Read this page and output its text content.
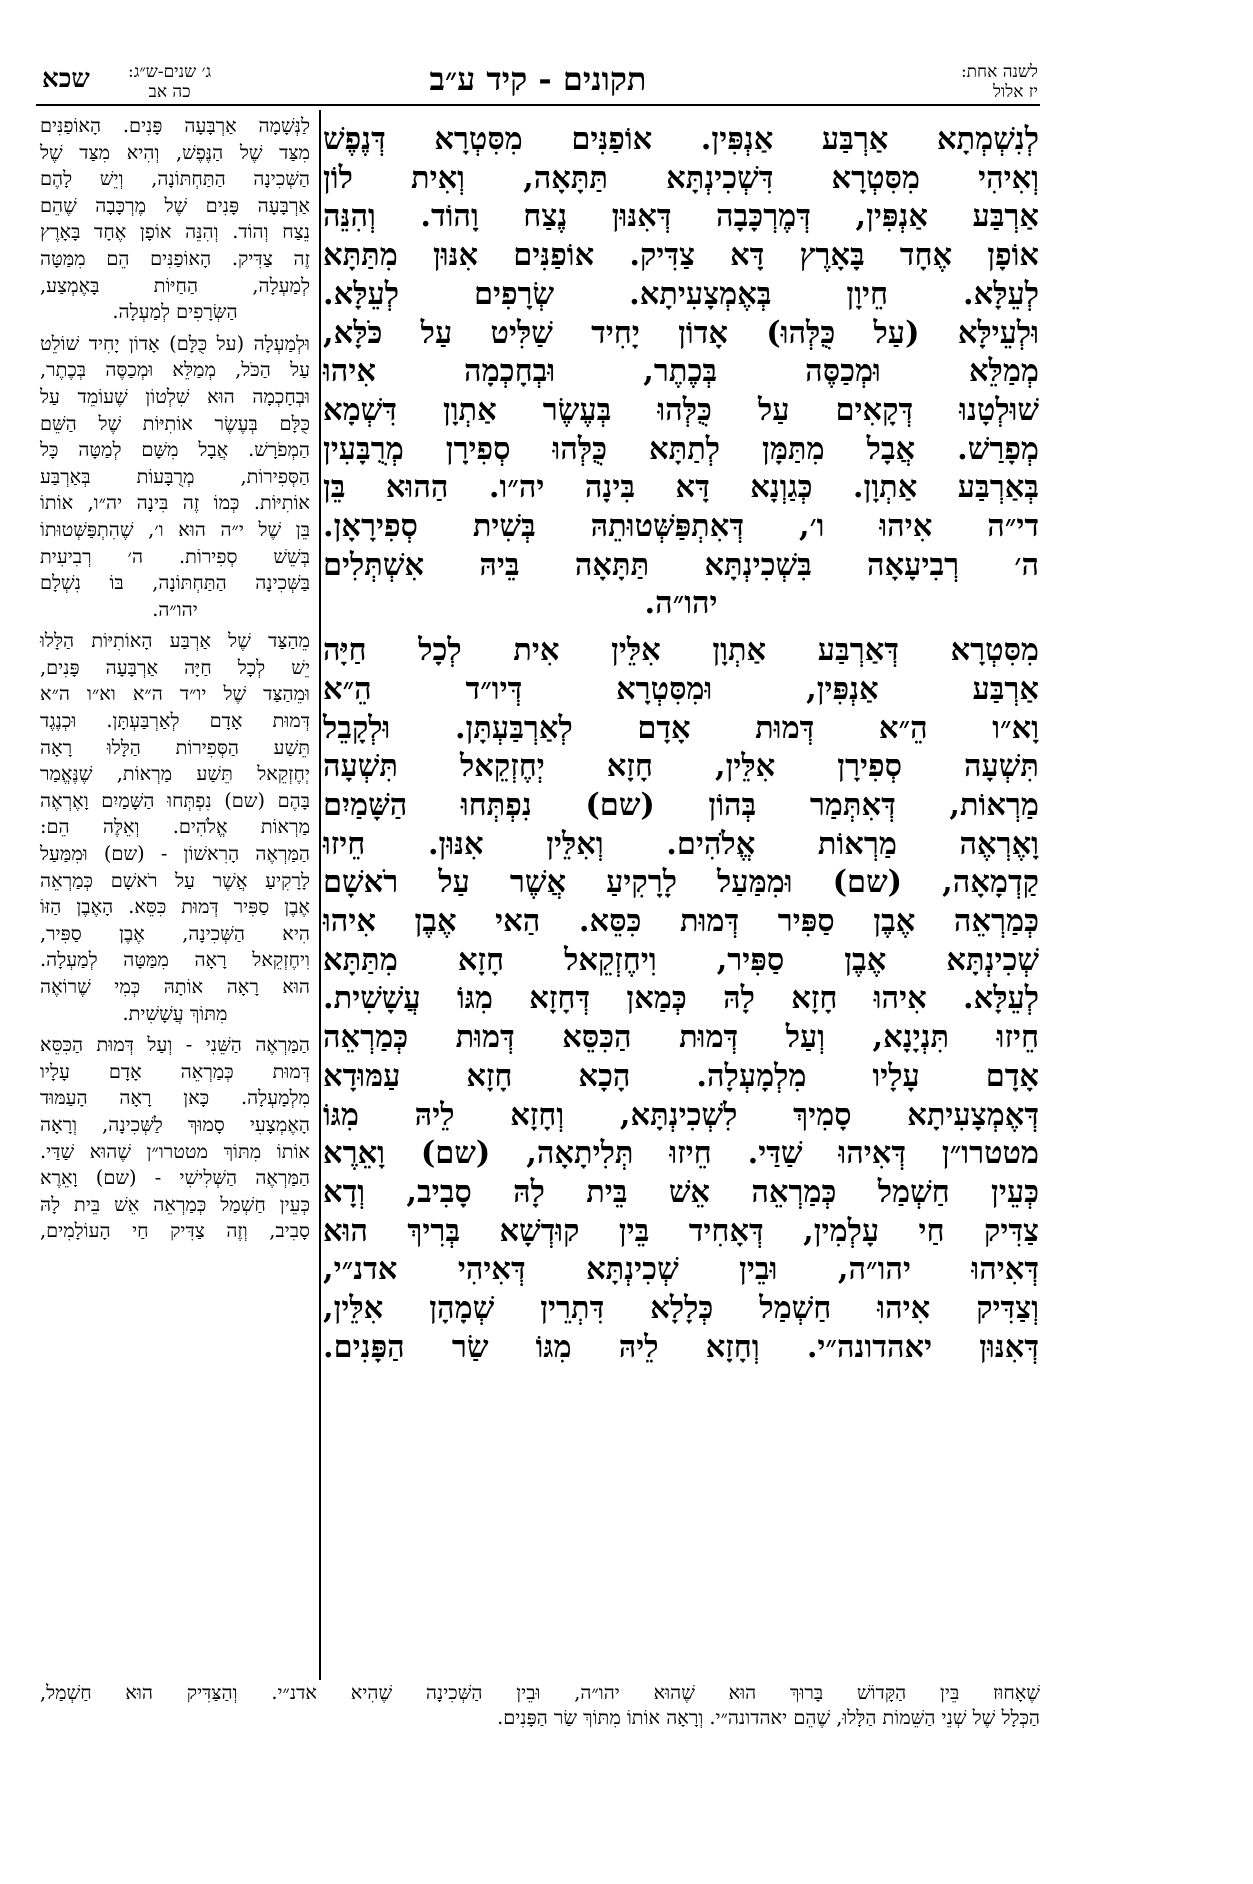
לשנה אחת:
יז אלול
תקונים - קיד ע״ב
ג׳ שנים-ש״ג:
כה אב
שכא

לְנִשְׁמְתָא אַרְבַּע אַנְפִּין. אוֹפַנִּים מִסִּטְרָא דְּנֶפֶשׁ

וְאִיהִי מִסִּטְרָא דִּשְׁכִינְתָּא תַּתָּאָה, וְאִית לוֹן

אַרְבַּע אַנְפִּין, דְּמֶרְכָּבָה דְּאִנּוּן נֶצַח וָהוֹד. וְהִנֵּה

אוֹפָן אֶחָד בָּאָרֶץ דָּא צַדִּיק. אוֹפַנִּים אִנּוּן מִתַּתָּא

לְעֵלָּא. חֵיוָן בְּאֶמְצָעִיתָא. שְׂרָפִים לְעֵלָּא.

וּלְעֵילָּא (עַל כֻּלְּהוּ) אָדוֹן יָחִיד שַׁלִּיט עַל כֹּלָּא,

מְמַלֵּא וּמְכַסֶּה בְּכֶתֶר, וּבְחָכְמָה אִיהוּ

שׁוּלְטָנוּ דְּקָאִים עַל כֻּלְּהוּ בְּעֶשֶׂר אַתְוָן דִּשְׁמָא

מְפָרַשׁ. אֲבָל מִתַּמָּן לְתַתָּא כֻּלְּהוּ סְפִירָן מְרֻבָּעִין

בְּאַרְבַּע אַתְוָן. כְּגַוְנָא דָּא בִּינָה יה״ו. הַהוּא בֵּן

די״ה אִיהוּ ו׳, דְּאִתְפַּשְּׁטוּתֵהּ בְּשִׁית סְפִירָאָן.

ה׳ רְבִיעָאָה בִּשְׁכִינְתָּא תַּתָּאָה בֵּיהּ אִשְׁתְּלִים

יהו״ה.

מִסִּטְרָא דְּאַרְבַּע אַתְוָן אִלֵּין אִית לְכָל חַיָּה

אַרְבַּע אַנְפִּין, וּמִסִּטְרָא דְּיו״ד הֵ״א

וָא״ו הֵ״א דְּמוּת אָדָם לְאַרְבַּעְתָּן. וּלְקָבֵל

תִּשְׁעָה סְפִירָן אִלֵּין, חָזָא יְחֶזְקֵאל תִּשְׁעָה

מַרְאוֹת, דְּאִתְּמַר בְּהוֹן (שם) נִפְתְּחוּ הַשָּׁמַיִם

וָאֶרְאֶה מַרְאוֹת אֱלֹהִים. וְאִלֵּין אִנּוּן. חֵיזוּ

קַדְמָאָה, (שם) וּמִמַּעַל לָרָקִיעַ אֲשֶׁר עַל רֹאשָׁם

כְּמַרְאֵה אֶבֶן סַפִּיר דְּמוּת כִּסֵּא. הַאי אֶבֶן אִיהוּ

שְׁכִינְתָּא אֶבֶן סַפִּיר, וִיחֶזְקֵאל חָזָא מִתַּתָּא

לְעֵלָּא. אִיהוּ חָזָא לָהּ כְּמַאן דְּחָזָא מִגּוֹ עֲשָׁשִׁית.

חֵיזוּ תִּנְיָנָא, וְעַל דְּמוּת הַכִּסֵּא דְּמוּת כְּמַרְאֵה

אָדָם עָלָיו מִלְמָעְלָה. הָכָא חָזָא עַמּוּדָא

דְּאֶמְצָעִיתָא סָמִיךְ לִשְׁכִינְתָּא, וְחָזָא לֵיהּ מִגּוֹ

מטטרו״ן דְּאִיהוּ שַׁדַּי. חֵיזוּ תְּלִיתָאָה, (שם) וָאֵרֶא

כְּעֵין חַשְׁמַל כְּמַרְאֵה אֵשׁ בֵּית לָהּ סָבִיב, וְדָא

צַדִּיק חַי עָלְמִין, דְּאָחִיד בֵּין קוּדְשָׁא בְּרִיךְ הוּא

דְּאִיהוּ יהו״ה, וּבֵין שְׁכִינְתָּא דְּאִיהִי אדנ״י,

וְצַדִּיק אִיהוּ חַשְׁמַל כְּלָלָא דִּתְרֵין שְׁמָהָן אִלֵּין,

דְּאִנּוּן יאהדונה״י. וְחָזָא לֵיהּ מִגּוֹ שַׂר הַפָּנִים.

לַנְּשָׁמָה אַרְבָּעָה פָּנִים. הָאוֹפַנִּים

מִצַּד שֶׁל הַנֶּפֶשׁ, וְהִיא מִצַּד שֶׁל

הַשְּׁכִינָה הַתַּחְתּוֹנָה, וְיֵשׁ לָהֶם

אַרְבָּעָה פָּנִים שֶׁל מֶרְכָּבָה שֶׁהֵם

נֵצַח וְהוֹד. וְהִנֵּה אוֹפָן אֶחָד בָּאָרֶץ

זֶה צַדִּיק. הָאוֹפַנִּים הֵם מִמַּטָּה

לְמַעְלָה, הַחַיּוֹת בָּאֶמְצַע,

הַשְּׂרָפִים לְמַעְלָה.

וּלְמַעְלָה (על כֻּלָּם) אָדוֹן יָחִיד שׁוֹלֵט

עַל הַכֹּל, מְמַלֵּא וּמְכַסֶּה בְּכֶתֶר,

וּבְחָכְמָה הוּא שִׁלְטוֹן שֶׁעוֹמֵד עַל

כֻּלָּם בְּעֶשֶׂר אוֹתִיּוֹת שֶׁל הַשֵּׁם

הַמְפֹרָשׁ. אֲבָל מִשָּׁם לְמַטָּה כָּל

הַסְּפִירוֹת, מְרֻבָּעוֹת בְּאַרְבַּע

אוֹתִיּוֹת. כְּמוֹ זֶה בִּינָה יה״ו, אוֹתוֹ

בֵּן שֶׁל י״ה הוּא ו׳, שֶׁהִתְפַּשְּׁטוּתוֹ

בְּשֵׁשׁ סְפִירוֹת. ה׳ רְבִיעִית

בַּשְּׁכִינָה הַתַּחְתּוֹנָה, בּוֹ נִשְׁלָם

יהו״ה.

מֵהַצַּד שֶׁל אַרְבַּע הָאוֹתִיּוֹת הַלָּלוּ

יֵשׁ לְכָל חַיָּה אַרְבָּעָה פָּנִים,

וּמֵהַצַּד שֶׁל יו״ד ה״א וא״ו ה״א

דְּמוּת אָדָם לְאַרְבַּעְתָּן. וּכְנֶגֶד

תֵּשַׁע הַסְּפִירוֹת הַלָּלוּ רָאָה

יְחֶזְקֵאל תֵּשַׁע מַרְאוֹת, שֶׁנֶּאֱמַר

בָּהֶם (שם) נִפְתְּחוּ הַשָּׁמַיִם וָאֶרְאֶה

מַרְאוֹת אֱלֹהִים. וְאֵלֶּה הֵם:

הַמַּרְאֶה הָרִאשׁוֹן - (שם) וּמִמַּעַל

לָרָקִיעַ אֲשֶׁר עַל רֹאשָׁם כְּמַרְאֵה

אֶבֶן סַפִּיר דְּמוּת כִּסֵּא. הָאֶבֶן הַזּוֹ

הִיא הַשְּׁכִינָה, אֶבֶן סַפִּיר,

וִיחֶזְקֵאל רָאָה מִמַּטָּה לְמַעְלָה.

הוּא רָאָה אוֹתָהּ כְּמִי שֶׁרוֹאֶה

מִתּוֹךְ עֲשָׁשִׁית.

הַמַּרְאֶה הַשֵּׁנִי - וְעַל דְּמוּת הַכִּסֵּא

דְּמוּת כְּמַרְאֵה אָדָם עָלָיו

מִלְמָעְלָה. כָּאן רָאָה הָעַמּוּד

הָאֶמְצָעִי סָמוּךְ לַשְּׁכִינָה, וְרָאָה

אוֹתוֹ מִתּוֹךְ מטטרו״ן שֶׁהוּא שַׁדַּי.

הַמַּרְאֶה הַשְּׁלִישִׁי - (שם) וָאֵרֶא

כְּעֵין חַשְׁמַל כְּמַרְאֵה אֵשׁ בֵּית לָהּ

סָבִיב, וְזֶה צַדִּיק חַי הָעוֹלָמִים,

שֶׁאָחוּז בֵּין הַקָּדוֹשׁ בָּרוּךְ הוּא שֶׁהוּא יהו״ה, וּבֵין הַשְּׁכִינָה שֶׁהִיא אדנ״י. וְהַצַּדִּיק הוּא חַשְׁמַל,

הַכְּלָל שֶׁל שְׁנֵי הַשֵּׁמוֹת הַלָּלוּ, שֶׁהֵם יאהדונה״י. וְרָאָה אוֹתוֹ מִתּוֹךְ שַׂר הַפָּנִים.
